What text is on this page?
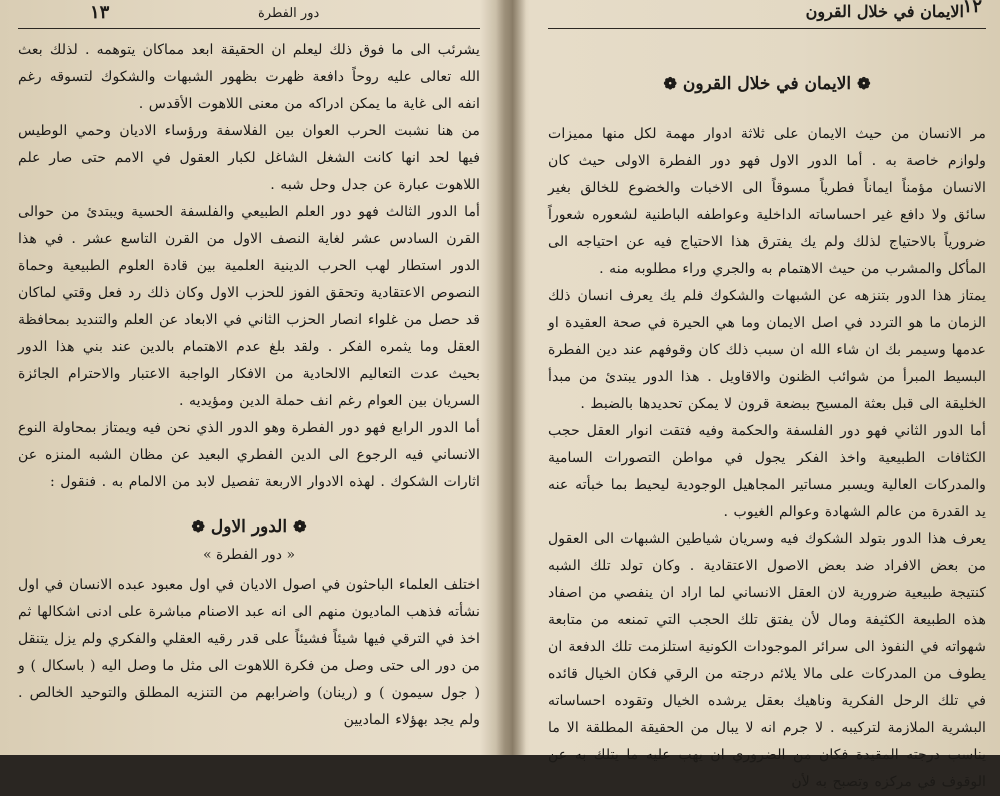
١٣	دور الفطرة

يشرئب الى ما فوق ذلك ليعلم ان الحقيقة ابعد مماكان يتوهمه . لذلك بعث الله تعالى عليه روحاً دافعة ظهرت بظهور الشبهات والشكوك لتسوقه رغم انفه الى غاية ما يمكن ادراكه من معنى اللاهوت الأقدس .

من هنا نشبت الحرب العوان بين الفلاسفة ورؤساء الاديان وحمي الوطيس فيها لحد انها كانت الشغل الشاغل لكبار العقول في الامم حتى صار علم اللاهوت عبارة عن جدل وحل شبه .

أما الدور الثالث فهو دور العلم الطبيعي والفلسفة الحسية ويبتدئ من حوالى القرن السادس عشر لغاية النصف الاول من القرن التاسع عشر . في هذا الدور استطار لهب الحرب الدينية العلمية بين قادة العلوم الطبيعية وحماة النصوص الاعتقادية وتحقق الفوز للحزب الاول وكان ذلك رد فعل وقتي لماكان قد حصل من غلواء انصار الحزب الثاني في الابعاد عن العلم والتنديد بمحافظة العقل وما يثمره الفكر . ولقد بلغ عدم الاهتمام بالدين عند بني هذا الدور بحيث عدت التعاليم الالحادية من الافكار الواجبة الاعتبار والاحترام الجائزة السريان بين العوام رغم انف حملة الدين ومؤيديه .

أما الدور الرابع فهو دور الفطرة وهو الدور الذي نحن فيه ويمتاز بمحاولة النوع الانساني فيه الرجوع الى الدين الفطري البعيد عن مظان الشبه المنزه عن اثارات الشكوك . لهذه الادوار الاربعة تفصيل لابد من الالمام به . فنقول :

❁الدور الاول❁

« دور الفطرة »

اختلف العلماء الباحثون في اصول الاديان في اول معبود عبده الانسان في اول نشأته فذهب الماديون منهم الى انه عبد الاصنام مباشرة على ادنى اشكالها ثم اخذ في الترقي فيها شيئاً فشيئاً على قدر رقيه العقلي والفكري ولم يزل يتنقل من دور الى حتى وصل من فكرة اللاهوت الى مثل ما وصل اليه ( باسكال ) و ( جول سيمون ) و (رينان) واضرابهم من التنزيه المطلق والتوحيد الخالص . ولم يجد بهؤلاء الماديين

١٢
الايمان في خلال القرون

❁الايمان في خلال القرون❁

مر الانسان من حيث الايمان على ثلاثة ادوار مهمة لكل منها مميزات ولوازم خاصة به . أما الدور الاول فهو دور الفطرة الاولى حيث كان الانسان مؤمناً ايماناً فطرياً مسوقاً الى الاخبات والخضوع للخالق بغير سائق ولا دافع غير احساساته الداخلية وعواطفه الباطنية لشعوره شعوراً ضرورياً بالاحتياج لذلك ولم يك يفترق هذا الاحتياج فيه عن احتياجه الى المأكل والمشرب من حيث الاهتمام به والجري وراء مطلوبه منه .

يمتاز هذا الدور بتنزهه عن الشبهات والشكوك فلم يك يعرف انسان ذلك الزمان ما هو التردد في اصل الايمان وما هي الحيرة في صحة العقيدة او عدمها وسيمر بك ان شاء الله ان سبب ذلك كان وقوفهم عند دين الفطرة البسيط المبرأ من شوائب الظنون والاقاويل . هذا الدور يبتدئ من مبدأ الخليقة الى قبل بعثة المسيح ببضعة قرون لا يمكن تحديدها بالضبط .

أما الدور الثاني فهو دور الفلسفة والحكمة وفيه فتقت انوار العقل حجب الكثافات الطبيعية واخذ الفكر يجول في مواطن التصورات السامية والمدركات العالية ويسبر مساتير المجاهيل الوجودية ليحيط بما خبأته عنه يد القدرة من عالم الشهادة وعوالم الغيوب .

يعرف هذا الدور بتولد الشكوك فيه وسريان شياطين الشبهات الى العقول من بعض الافراد ضد بعض الاصول الاعتقادية . وكان تولد تلك الشبه كنتيجة طبيعية ضرورية لان العقل الانساني لما اراد ان ينفصي من اصفاد هذه الطبيعة الكثيفة ومال لأن يفتق تلك الحجب التي تمنعه من متابعة شهواته في النفوذ الى سرائر الموجودات الكونية استلزمت تلك الدفعة ان يطوف من المدركات على مالا يلائم درجته من الرقي فكان الخيال قائده في تلك الرحل الفكرية وناهيك بعقل يرشده الخيال وتقوده احساساته البشرية الملازمة لتركيبه . لا جرم انه لا يبال من الحقيقة المطلقة الا ما يناسب درجته المقيدة فكان من الضروري ان يهب عليه ما يتلك به عن الوقوف في مركزه وتصبح به لأن
